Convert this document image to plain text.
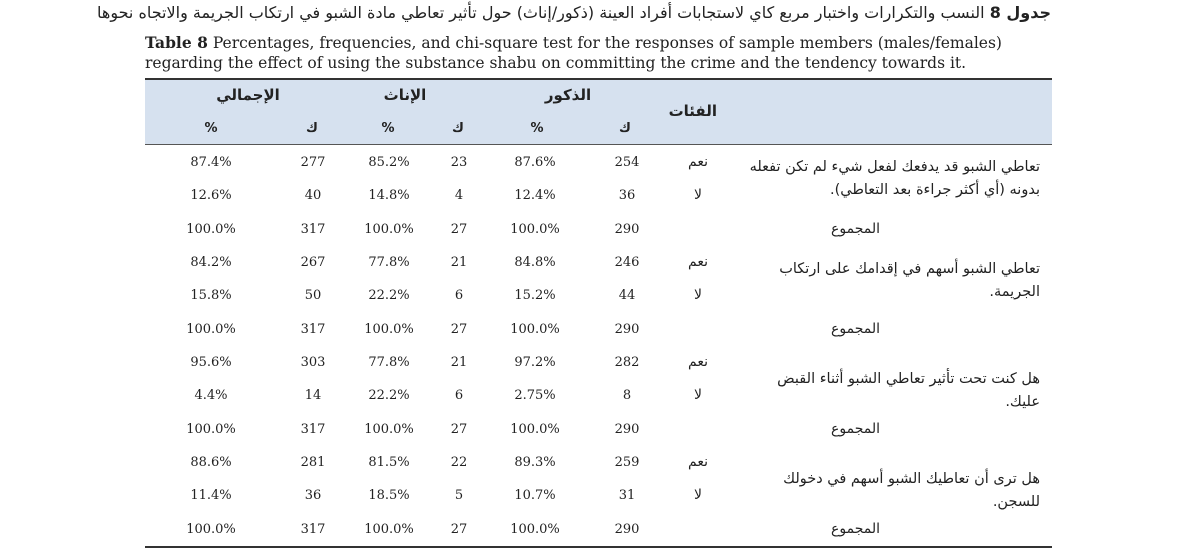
جدول 8 النسب والتكرارات واختبار مربع كاي لاستجابات أفراد العينة (ذكور/إناث) حول تأثير تعاطي مادة الشبو في ارتكاب الجريمة والاتجاه نحوها
Table 8 Percentages, frequencies, and chi-square test for the responses of sample members (males/females) regarding the effect of using the substance shabu on committing the crime and the tendency towards it.
الفئات
الذكور
الإناث
الإجمالي
ك
%
ك
%
ك
%
تعاطي الشبو قد يدفعك لفعل شيء لم تكن تفعله بدونه (أي أكثر جراءة بعد التعاطي).
نعم
254
87.6%
23
85.2%
277
87.4%
لا
36
12.4%
4
14.8%
40
12.6%
المجموع
290
100.0%
27
100.0%
317
100.0%
تعاطي الشبو أسهم في إقدامك على ارتكاب الجريمة.
نعم
246
84.8%
21
77.8%
267
84.2%
لا
44
15.2%
6
22.2%
50
15.8%
المجموع
290
100.0%
27
100.0%
317
100.0%
هل كنت تحت تأثير تعاطي الشبو أثناء القبض عليك.
نعم
282
97.2%
21
77.8%
303
95.6%
لا
8
2.75%
6
22.2%
14
4.4%
المجموع
290
100.0%
27
100.0%
317
100.0%
هل ترى أن تعاطيك الشبو أسهم في دخولك للسجن.
نعم
259
89.3%
22
81.5%
281
88.6%
لا
31
10.7%
5
18.5%
36
11.4%
المجموع
290
100.0%
27
100.0%
317
100.0%
